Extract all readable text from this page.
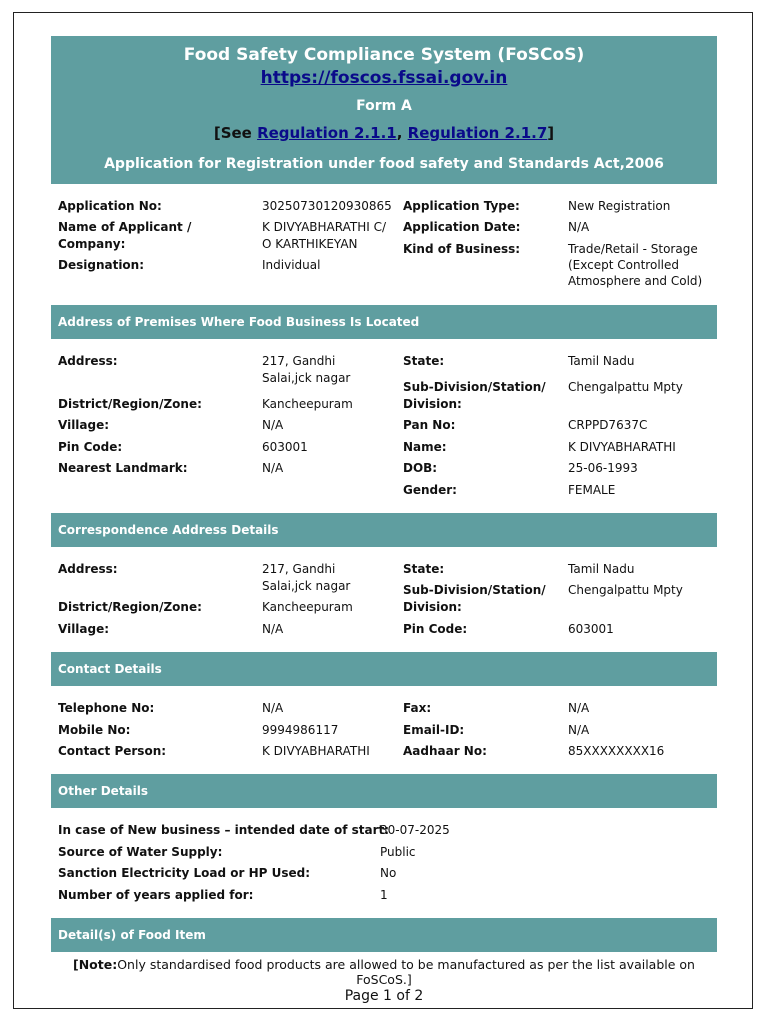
Food Safety Compliance System (FoSCoS)
https://foscos.fssai.gov.in
Form A
[See Regulation 2.1.1, Regulation 2.1.7]
Application for Registration under food safety and Standards Act,2006
Application No:	30250730120930865
Name of Applicant /
Company:
K DIVYABHARATHI C/
O KARTHIKEYAN
Designation:	Individual
Application Type:	New Registration
Application Date:	N/A
Kind of Business:	Trade/Retail - Storage
(Except Controlled
Atmosphere and Cold)
Address of Premises Where Food Business Is Located
Address:	217, Gandhi
Salai,jck nagar
District/Region/Zone:	Kancheepuram
Village:	N/A
Pin Code:	603001
Nearest Landmark:	N/A
State:	Tamil Nadu
Sub-Division/Station/
Division:
Chengalpattu Mpty
Pan No:	CRPPD7637C
Name:	K DIVYABHARATHI
DOB:	25-06-1993
Gender:	FEMALE
Correspondence Address Details
Address:	217, Gandhi
Salai,jck nagar
District/Region/Zone:	Kancheepuram
Village:	N/A
State:	Tamil Nadu
Sub-Division/Station/
Division:
Chengalpattu Mpty
Pin Code:	603001
Contact Details
Telephone No:	N/A
Mobile No:	9994986117
Contact Person:	K DIVYABHARATHI
Fax:	N/A
Email-ID:	N/A
Aadhaar No:	85XXXXXXXX16
Other Details
In case of New business – intended date of start:
30-07-2025
Source of Water Supply:	Public
Sanction Electricity Load or HP Used:	No
Number of years applied for:	1
Detail(s) of Food Item
[Note:Only standardised food products are allowed to be manufactured as per the list available on FoSCoS.]
Page 1 of 2
